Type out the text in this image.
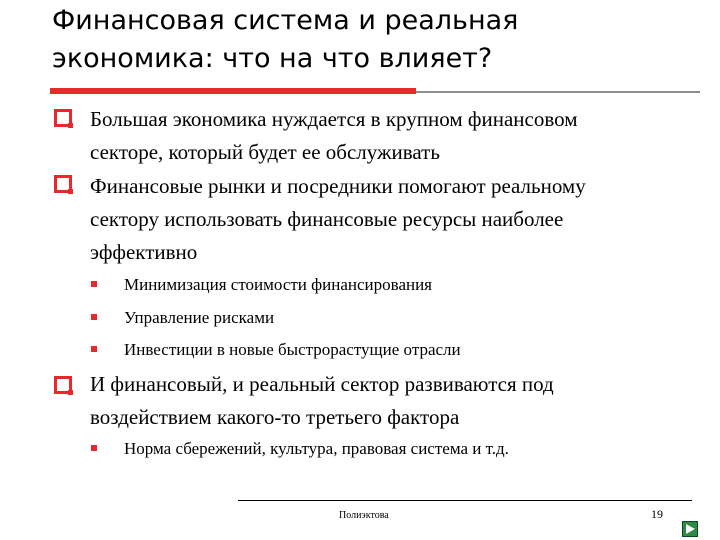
Финансовая система и реальная
экономика: что на что влияет?
Большая экономика нуждается в крупном финансовом
секторе, который будет ее обслуживать
Финансовые рынки и посредники помогают реальному
сектору использовать финансовые ресурсы наиболее
эффективно
Минимизация стоимости финансирования
Управление рисками
Инвестиции в новые быстрорастущие отрасли
И финансовый, и реальный сектор развиваются под
воздействием какого-то третьего фактора
Норма сбережений, культура, правовая система и т.д.
Полиэктова	19
